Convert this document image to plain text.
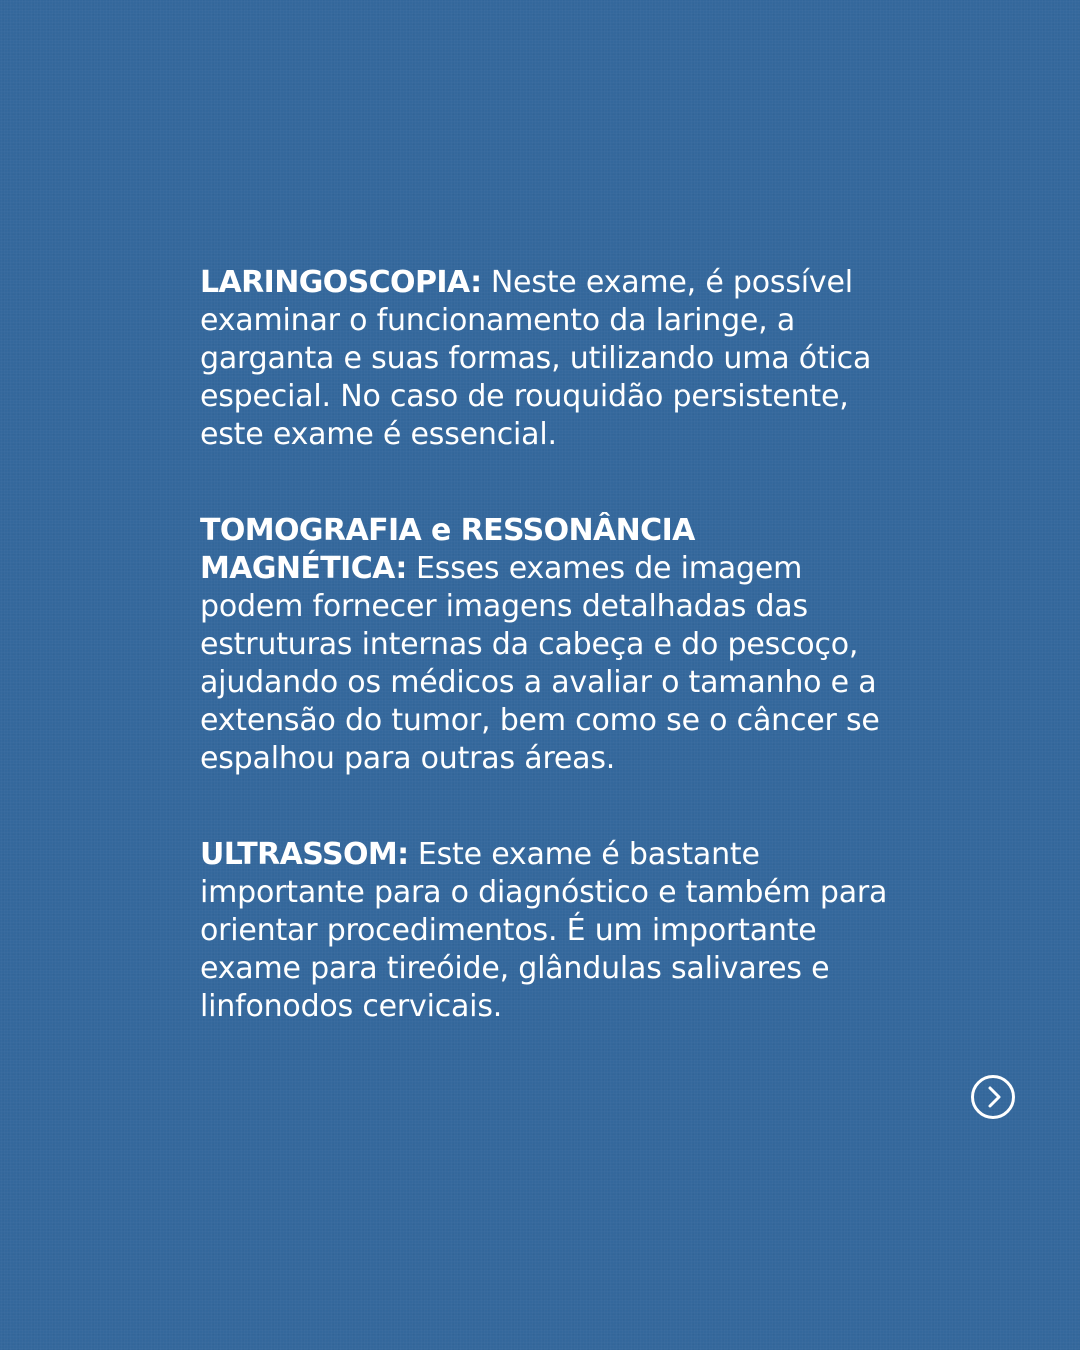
LARINGOSCOPIA: Neste exame, é possível examinar o funcionamento da laringe, a garganta e suas formas, utilizando uma ótica especial. No caso de rouquidão persistente, este exame é essencial.

TOMOGRAFIA e RESSONÂNCIA MAGNÉTICA: Esses exames de imagem podem fornecer imagens detalhadas das estruturas internas da cabeça e do pescoço, ajudando os médicos a avaliar o tamanho e a extensão do tumor, bem como se o câncer se espalhou para outras áreas.

ULTRASSOM: Este exame é bastante importante para o diagnóstico e também para orientar procedimentos. É um importante exame para tireóide, glândulas salivares e linfonodos cervicais.
